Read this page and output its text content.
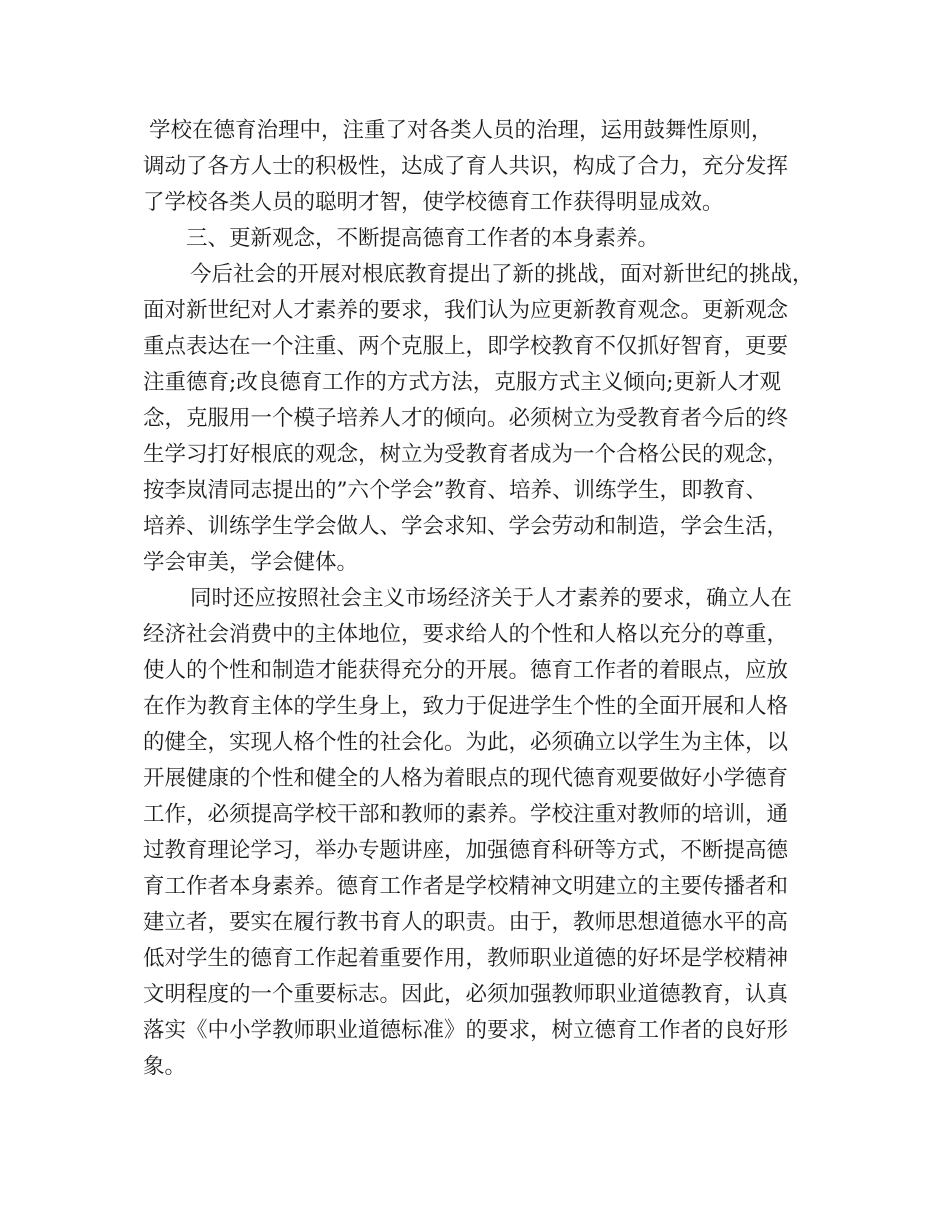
学校在德育治理中，注重了对各类人员的治理，运用鼓舞性原则，
调动了各方人士的积极性，达成了育人共识，构成了合力，充分发挥
了学校各类人员的聪明才智，使学校德育工作获得明显成效。
三、更新观念，不断提高德育工作者的本身素养。
今后社会的开展对根底教育提出了新的挑战，面对新世纪的挑战，
面对新世纪对人才素养的要求，我们认为应更新教育观念。更新观念
重点表达在一个注重、两个克服上，即学校教育不仅抓好智育，更要
注重德育;改良德育工作的方式方法，克服方式主义倾向;更新人才观
念，克服用一个模子培养人才的倾向。必须树立为受教育者今后的终
生学习打好根底的观念，树立为受教育者成为一个合格公民的观念，
按李岚清同志提出的”六个学会”教育、培养、训练学生，即教育、
培养、训练学生学会做人、学会求知、学会劳动和制造，学会生活，
学会审美，学会健体。
同时还应按照社会主义市场经济关于人才素养的要求，确立人在
经济社会消费中的主体地位，要求给人的个性和人格以充分的尊重，
使人的个性和制造才能获得充分的开展。德育工作者的着眼点，应放
在作为教育主体的学生身上，致力于促进学生个性的全面开展和人格
的健全，实现人格个性的社会化。为此，必须确立以学生为主体，以
开展健康的个性和健全的人格为着眼点的现代德育观要做好小学德育
工作，必须提高学校干部和教师的素养。学校注重对教师的培训，通
过教育理论学习，举办专题讲座，加强德育科研等方式，不断提高德
育工作者本身素养。德育工作者是学校精神文明建立的主要传播者和
建立者，要实在履行教书育人的职责。由于，教师思想道德水平的高
低对学生的德育工作起着重要作用，教师职业道德的好坏是学校精神
文明程度的一个重要标志。因此，必须加强教师职业道德教育，认真
落实《中小学教师职业道德标准》的要求，树立德育工作者的良好形
象。
